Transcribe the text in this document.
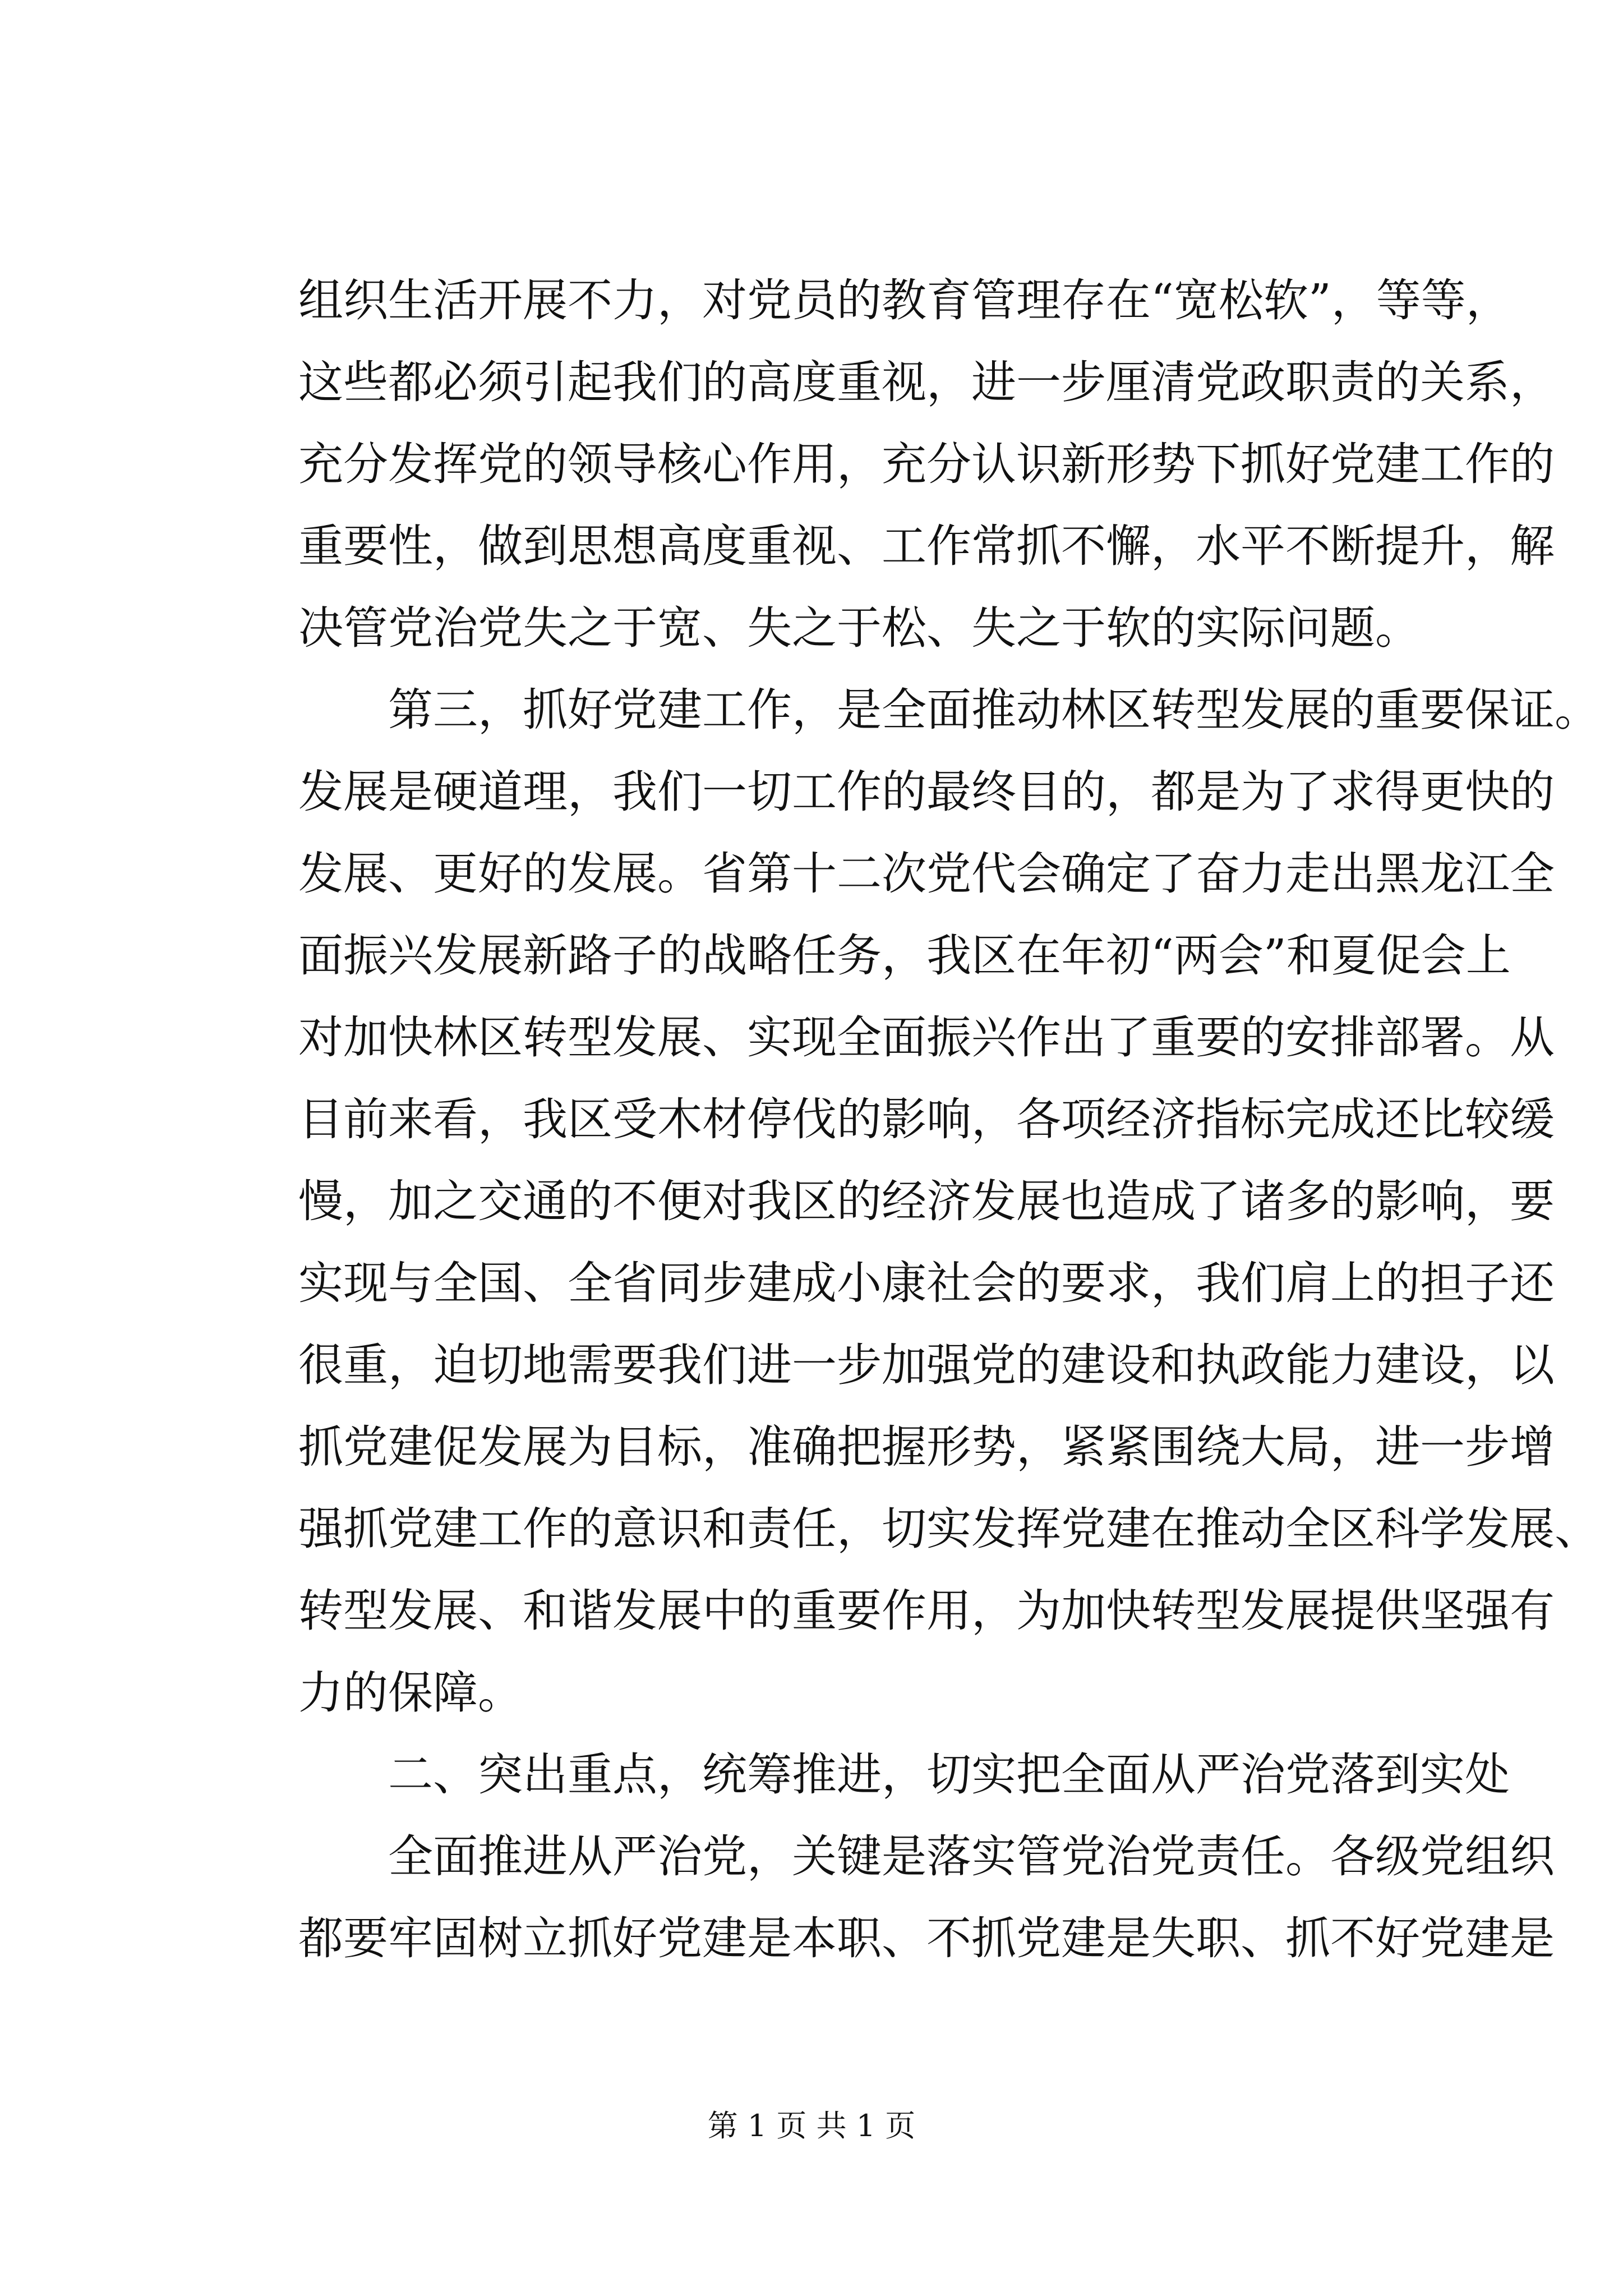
组织生活开展不力，对党员的教育管理存在“宽松软”，等等，
这些都必须引起我们的高度重视，进一步厘清党政职责的关系，
充分发挥党的领导核心作用，充分认识新形势下抓好党建工作的
重要性，做到思想高度重视、工作常抓不懈，水平不断提升，解
决管党治党失之于宽、失之于松、失之于软的实际问题。
第三，抓好党建工作，是全面推动林区转型发展的重要保证。
发展是硬道理，我们一切工作的最终目的，都是为了求得更快的
发展、更好的发展。省第十二次党代会确定了奋力走出黑龙江全
面振兴发展新路子的战略任务，我区在年初“两会”和夏促会上
对加快林区转型发展、实现全面振兴作出了重要的安排部署。从
目前来看，我区受木材停伐的影响，各项经济指标完成还比较缓
慢，加之交通的不便对我区的经济发展也造成了诸多的影响，要
实现与全国、全省同步建成小康社会的要求，我们肩上的担子还
很重，迫切地需要我们进一步加强党的建设和执政能力建设，以
抓党建促发展为目标，准确把握形势，紧紧围绕大局，进一步增
强抓党建工作的意识和责任，切实发挥党建在推动全区科学发展、
转型发展、和谐发展中的重要作用，为加快转型发展提供坚强有
力的保障。
二、突出重点，统筹推进，切实把全面从严治党落到实处
全面推进从严治党，关键是落实管党治党责任。各级党组织
都要牢固树立抓好党建是本职、不抓党建是失职、抓不好党建是
第 1 页 共 1 页
